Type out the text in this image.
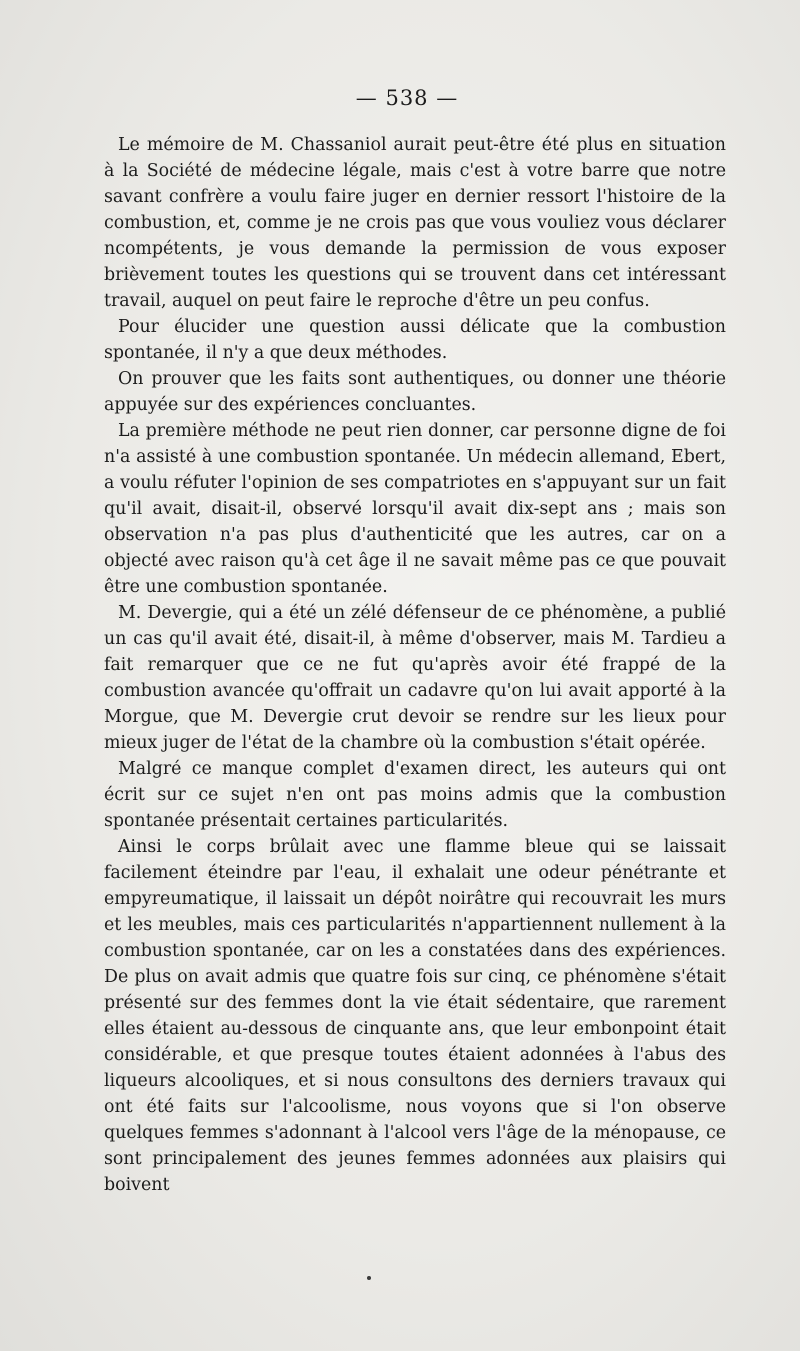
— 538 —

Le mémoire de M. Chassaniol aurait peut-être été plus en situation à la Société de médecine légale, mais c'est à votre barre que notre savant confrère a voulu faire juger en dernier ressort l'histoire de la combustion, et, comme je ne crois pas que vous vouliez vous déclarer ncompétents, je vous demande la permission de vous exposer brièvement toutes les questions qui se trouvent dans cet intéressant travail, auquel on peut faire le reproche d'être un peu confus.

Pour élucider une question aussi délicate que la combustion spontanée, il n'y a que deux méthodes.

On prouver que les faits sont authentiques, ou donner une théorie appuyée sur des expériences concluantes.

La première méthode ne peut rien donner, car personne digne de foi n'a assisté à une combustion spontanée. Un médecin allemand, Ebert, a voulu réfuter l'opinion de ses compatriotes en s'appuyant sur un fait qu'il avait, disait-il, observé lorsqu'il avait dix-sept ans ; mais son observation n'a pas plus d'authenticité que les autres, car on a objecté avec raison qu'à cet âge il ne savait même pas ce que pouvait être une combustion spontanée.

M. Devergie, qui a été un zélé défenseur de ce phénomène, a publié un cas qu'il avait été, disait-il, à même d'observer, mais M. Tardieu a fait remarquer que ce ne fut qu'après avoir été frappé de la combustion avancée qu'offrait un cadavre qu'on lui avait apporté à la Morgue, que M. Devergie crut devoir se rendre sur les lieux pour mieux juger de l'état de la chambre où la combustion s'était opérée.

Malgré ce manque complet d'examen direct, les auteurs qui ont écrit sur ce sujet n'en ont pas moins admis que la combustion spontanée présentait certaines particularités.

Ainsi le corps brûlait avec une flamme bleue qui se laissait facilement éteindre par l'eau, il exhalait une odeur pénétrante et empyreumatique, il laissait un dépôt noirâtre qui recouvrait les murs et les meubles, mais ces particularités n'appartiennent nullement à la combustion spontanée, car on les a constatées dans des expériences. De plus on avait admis que quatre fois sur cinq, ce phénomène s'était présenté sur des femmes dont la vie était sédentaire, que rarement elles étaient au-dessous de cinquante ans, que leur embonpoint était considérable, et que presque toutes étaient adonnées à l'abus des liqueurs alcooliques, et si nous consultons des derniers travaux qui ont été faits sur l'alcoolisme, nous voyons que si l'on observe quelques femmes s'adonnant à l'alcool vers l'âge de la ménopause, ce sont principalement des jeunes femmes adonnées aux plaisirs qui boivent
